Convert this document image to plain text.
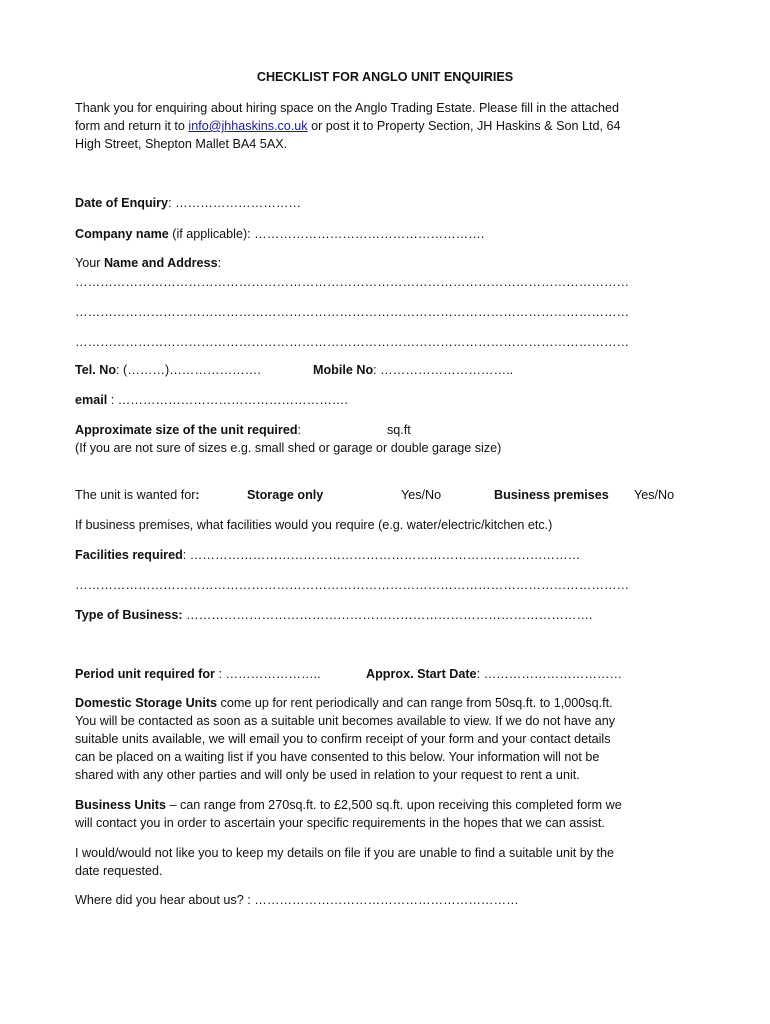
CHECKLIST FOR ANGLO UNIT ENQUIRIES
Thank you for enquiring about hiring space on the Anglo Trading Estate. Please fill in the attached
form and return it to info@jhhaskins.co.uk or post it to Property Section, JH Haskins & Son Ltd, 64
High Street, Shepton Mallet BA4 5AX.
Date of Enquiry: …………………………
Company name (if applicable): ……………………………………………….
Your Name and Address:
……………………………………………………………………………………………………………………
……………………………………………………………………………………………………………………
……………………………………………………………………………………………………………………
Tel. No: (………)………………….	Mobile No: …………………………..
email : ……………………………………………….
Approximate size of the unit required:	sq.ft
(If you are not sure of sizes e.g. small shed or garage or double garage size)
The unit is wanted for:	Storage only	Yes/No	Business premises Yes/No
If business premises, what facilities would you require (e.g. water/electric/kitchen etc.)
Facilities required: …………………………………………………………………………………
……………………………………………………………………………………………………………………
Type of Business: …………………………………………………………………………………….
Period unit required for : …………………..	Approx. Start Date: ……………………………
Domestic Storage Units come up for rent periodically and can range from 50sq.ft. to 1,000sq.ft.
You will be contacted as soon as a suitable unit becomes available to view. If we do not have any
suitable units available, we will email you to confirm receipt of your form and your contact details
can be placed on a waiting list if you have consented to this below. Your information will not be
shared with any other parties and will only be used in relation to your request to rent a unit.
Business Units – can range from 270sq.ft. to £2,500 sq.ft. upon receiving this completed form we
will contact you in order to ascertain your specific requirements in the hopes that we can assist.
I would/would not like you to keep my details on file if you are unable to find a suitable unit by the
date requested.
Where did you hear about us? : ………………………………………………………
